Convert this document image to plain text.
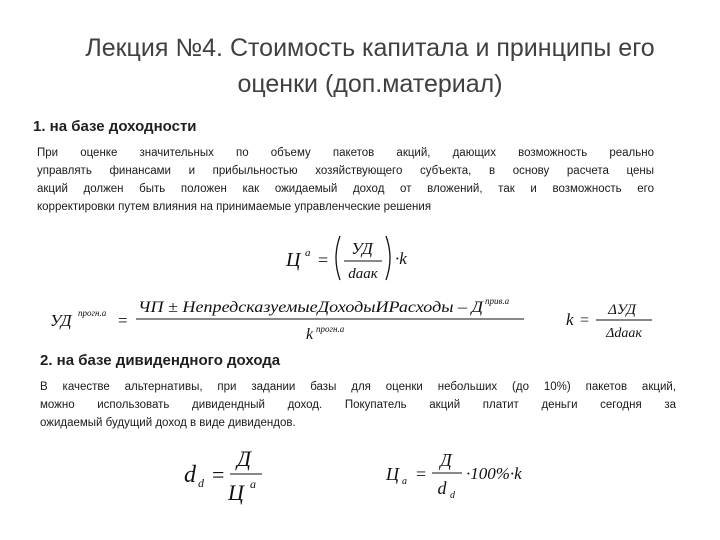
Лекция №4. Стоимость капитала и принципы его
оценки (доп.материал)
1. на базе доходности
При оценке значительных по объему пакетов акций, дающих возможность реально
управлять финансами и прибыльностью хозяйствующего субъекта, в основу расчета цены
акций должен быть положен как ожидаемый доход от вложений, так и возможность его
корректировки путем влияния на принимаемые управленческие решения
Ц а =
УД
dаак
·k
УД прогн.а =
ЧП ± НепредсказуемыеДоходыИРасходы – Д прив.а
k прогн.а	k =
ΔУД
Δdаак
2. на базе дивидендного дохода
В качестве альтернативы, при задании базы для оценки небольших (до 10%) пакетов акций,
можно использовать дивидендный доход. Покупатель акций платит деньги сегодня за
ожидаемый будущий доход в виде дивидендов.
d d =
Д
Ц а	Ц а =
Д
d d
·100%·k
